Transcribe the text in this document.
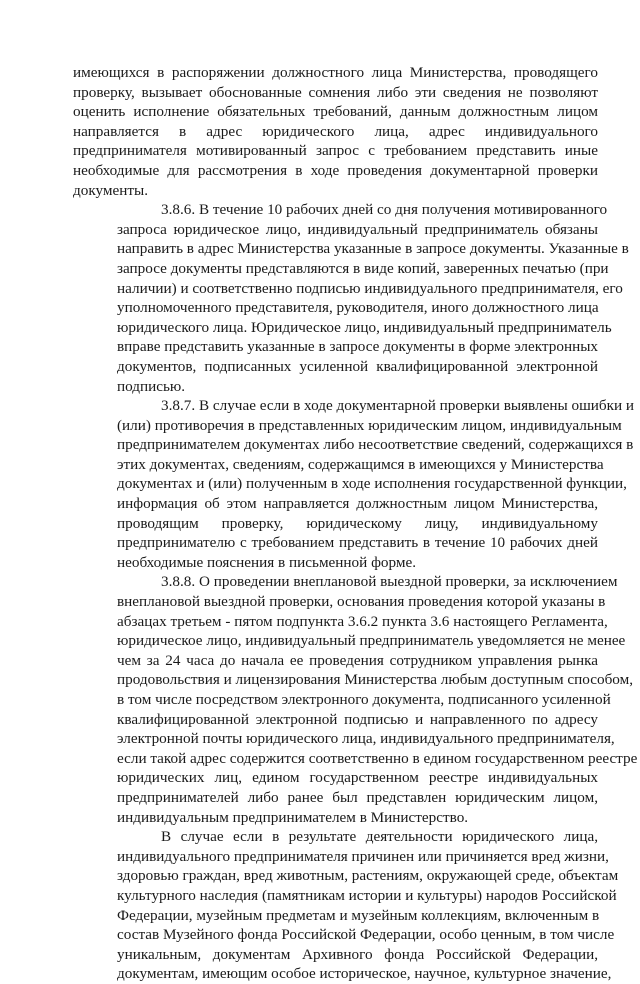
имеющихся в распоряжении должностного лица Министерства, проводящего
проверку, вызывает обоснованные сомнения либо эти сведения не позволяют
оценить исполнение обязательных требований, данным должностным лицом
направляется в адрес юридического лица, адрес индивидуального
предпринимателя мотивированный запрос с требованием представить иные
необходимые для рассмотрения в ходе проведения документарной проверки
документы.
3.8.6. В течение 10 рабочих дней со дня получения мотивированного
запроса юридическое лицо, индивидуальный предприниматель обязаны
направить в адрес Министерства указанные в запросе документы. Указанные в
запросе документы представляются в виде копий, заверенных печатью (при
наличии) и соответственно подписью индивидуального предпринимателя, его
уполномоченного представителя, руководителя, иного должностного лица
юридического лица. Юридическое лицо, индивидуальный предприниматель
вправе представить указанные в запросе документы в форме электронных
документов, подписанных усиленной квалифицированной электронной
подписью.
3.8.7. В случае если в ходе документарной проверки выявлены ошибки и
(или) противоречия в представленных юридическим лицом, индивидуальным
предпринимателем документах либо несоответствие сведений, содержащихся в
этих документах, сведениям, содержащимся в имеющихся у Министерства
документах и (или) полученным в ходе исполнения государственной функции,
информация об этом направляется должностным лицом Министерства,
проводящим проверку, юридическому лицу, индивидуальному
предпринимателю с требованием представить в течение 10 рабочих дней
необходимые пояснения в письменной форме.
3.8.8. О проведении внеплановой выездной проверки, за исключением
внеплановой выездной проверки, основания проведения которой указаны в
абзацах третьем - пятом подпункта 3.6.2 пункта 3.6 настоящего Регламента,
юридическое лицо, индивидуальный предприниматель уведомляется не менее
чем за 24 часа до начала ее проведения сотрудником управления рынка
продовольствия и лицензирования Министерства любым доступным способом,
в том числе посредством электронного документа, подписанного усиленной
квалифицированной электронной подписью и направленного по адресу
электронной почты юридического лица, индивидуального предпринимателя,
если такой адрес содержится соответственно в едином государственном реестре
юридических лиц, едином государственном реестре индивидуальных
предпринимателей либо ранее был представлен юридическим лицом,
индивидуальным предпринимателем в Министерство.
В случае если в результате деятельности юридического лица,
индивидуального предпринимателя причинен или причиняется вред жизни,
здоровью граждан, вред животным, растениям, окружающей среде, объектам
культурного наследия (памятникам истории и культуры) народов Российской
Федерации, музейным предметам и музейным коллекциям, включенным в
состав Музейного фонда Российской Федерации, особо ценным, в том числе
уникальным, документам Архивного фонда Российской Федерации,
документам, имеющим особое историческое, научное, культурное значение,
